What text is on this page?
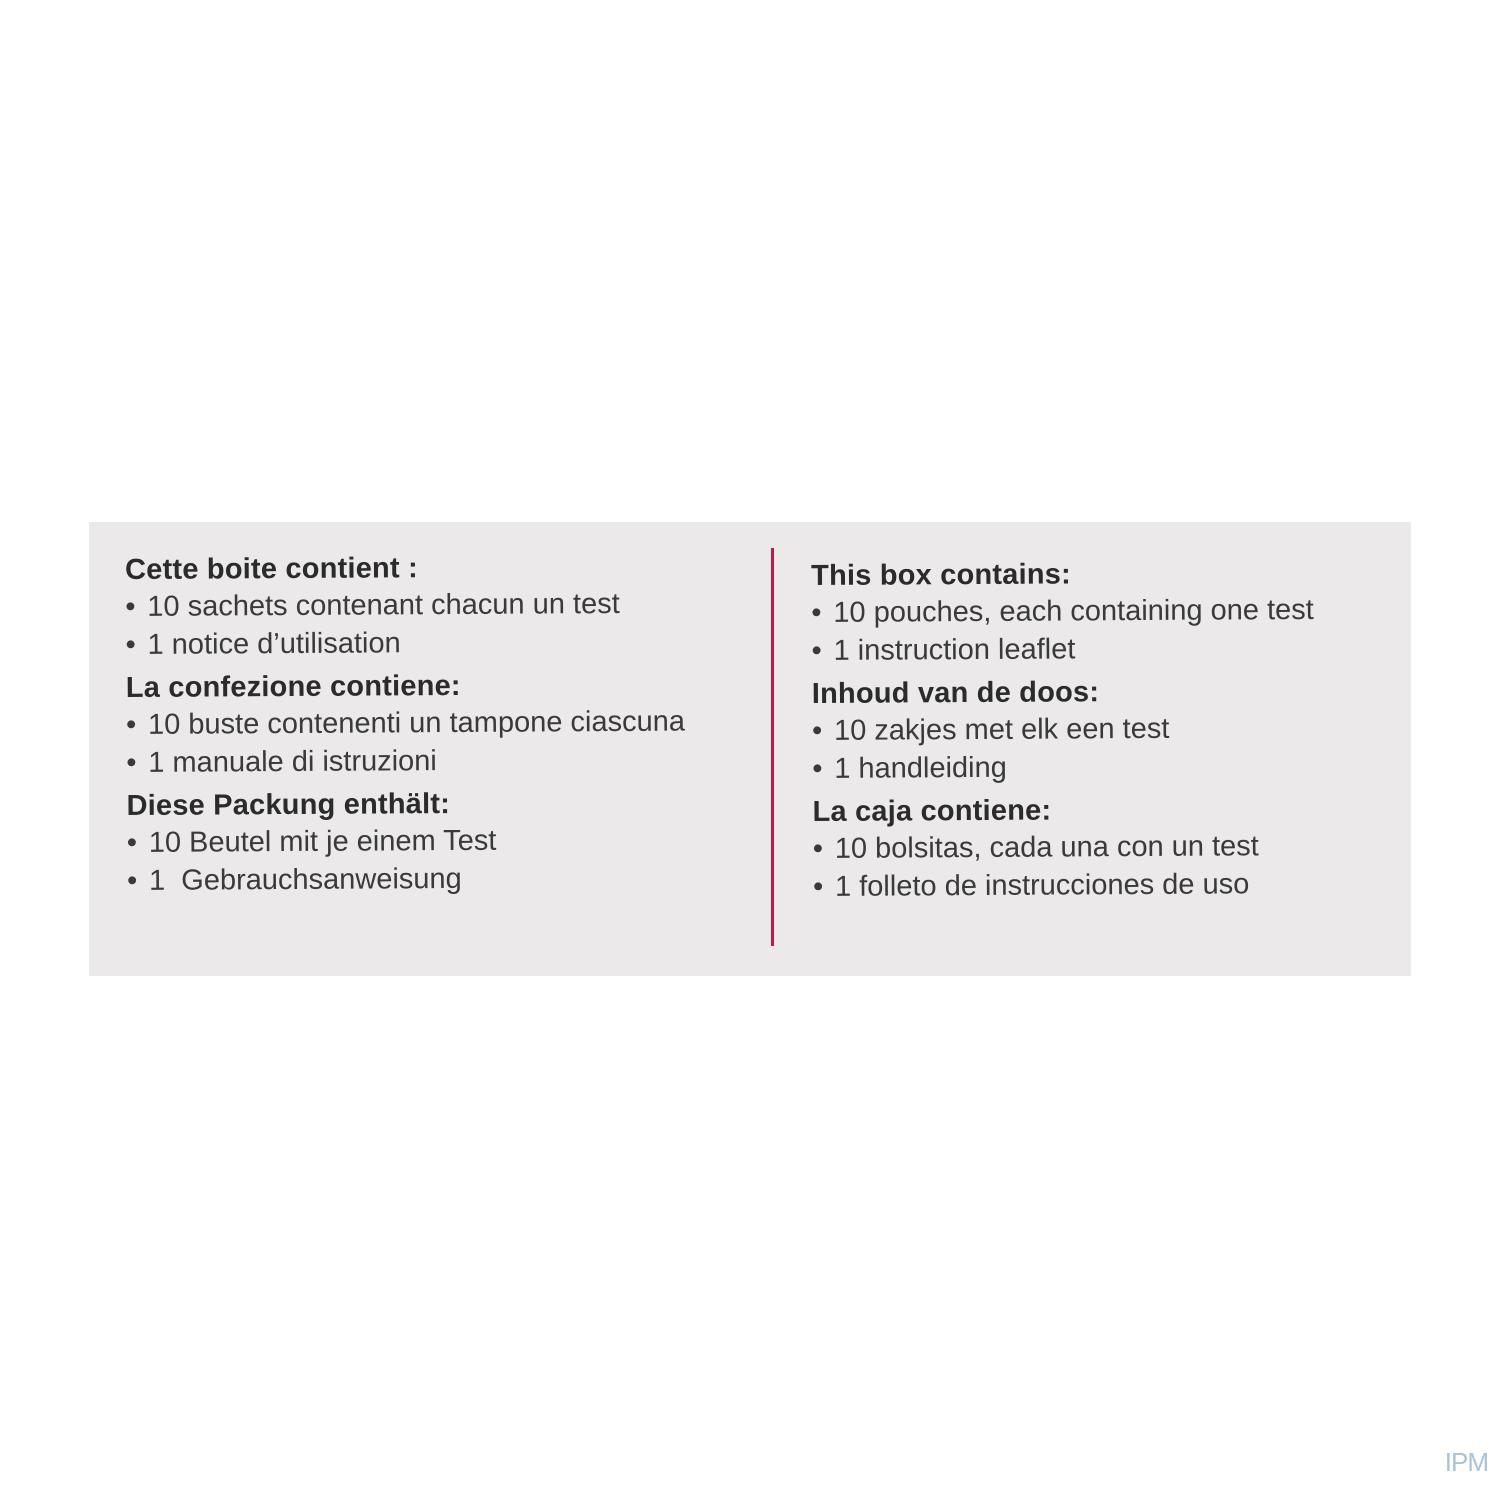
Cette boite contient :

• 10 sachets contenant chacun un test

• 1 notice d’utilisation

La confezione contiene:

• 10 buste contenenti un tampone ciascuna

• 1 manuale di istruzioni

Diese Packung enthält:

• 10 Beutel mit je einem Test

• 1  Gebrauchsanweisung

This box contains:

• 10 pouches, each containing one test

• 1 instruction leaflet

Inhoud van de doos:

• 10 zakjes met elk een test

• 1 handleiding

La caja contiene:

• 10 bolsitas, cada una con un test

• 1 folleto de instrucciones de uso

IPM
